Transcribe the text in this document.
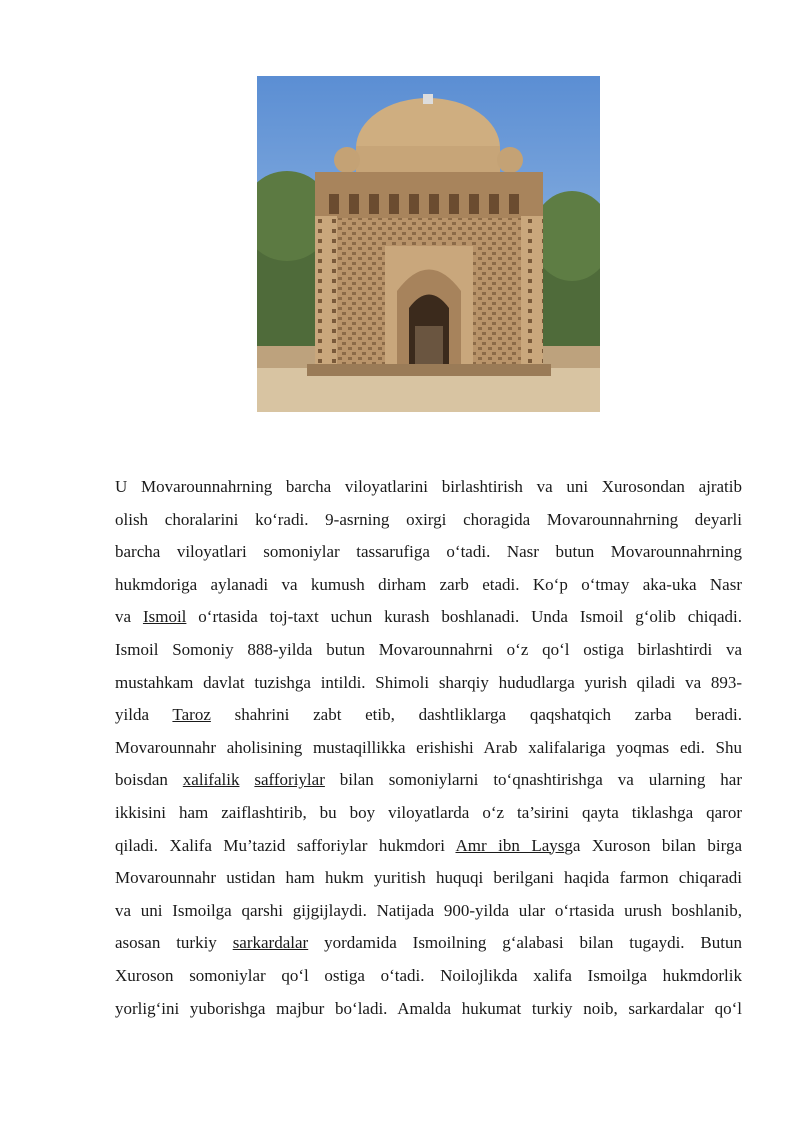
U Movarounnahrning barcha viloyatlarini birlashtirish va uni Xurosondan ajratib
olish choralarini ko‘radi. 9-asrning oxirgi choragida Movarounnahrning deyarli
barcha viloyatlari somoniylar tassarufiga o‘tadi. Nasr butun Movarounnahrning
hukmdoriga aylanadi va kumush dirham zarb etadi. Ko‘p o‘tmay aka-uka Nasr
va Ismoil o‘rtasida toj-taxt uchun kurash boshlanadi. Unda Ismoil g‘olib chiqadi.
Ismoil Somoniy 888-yilda butun Movarounnahrni o‘z qo‘l ostiga birlashtirdi va
mustahkam davlat tuzishga intildi. Shimoli sharqiy hududlarga yurish qiladi va 893-
yilda Taroz shahrini zabt etib, dashtliklarga qaqshatqich zarba beradi.
Movarounnahr aholisining mustaqillikka erishishi Arab xalifalariga yoqmas edi. Shu
boisdan xalifalik safforiylar bilan somoniylarni to‘qnashtirishga va ularning har
ikkisini ham zaiflashtirib, bu boy viloyatlarda o‘z ta’sirini qayta tiklashga qaror
qiladi. Xalifa Mu’tazid safforiylar hukmdori Amr ibn Laysga Xuroson bilan birga
Movarounnahr ustidan ham hukm yuritish huquqi berilgani haqida farmon chiqaradi
va uni Ismoilga qarshi gijgijlaydi. Natijada 900-yilda ular o‘rtasida urush boshlanib,
asosan turkiy sarkardalar yordamida Ismoilning g‘alabasi bilan tugaydi. Butun
Xuroson somoniylar qo‘l ostiga o‘tadi. Noilojlikda xalifa Ismoilga hukmdorlik
yorlig‘ini yuborishga majbur bo‘ladi. Amalda hukumat turkiy noib, sarkardalar qo‘l
